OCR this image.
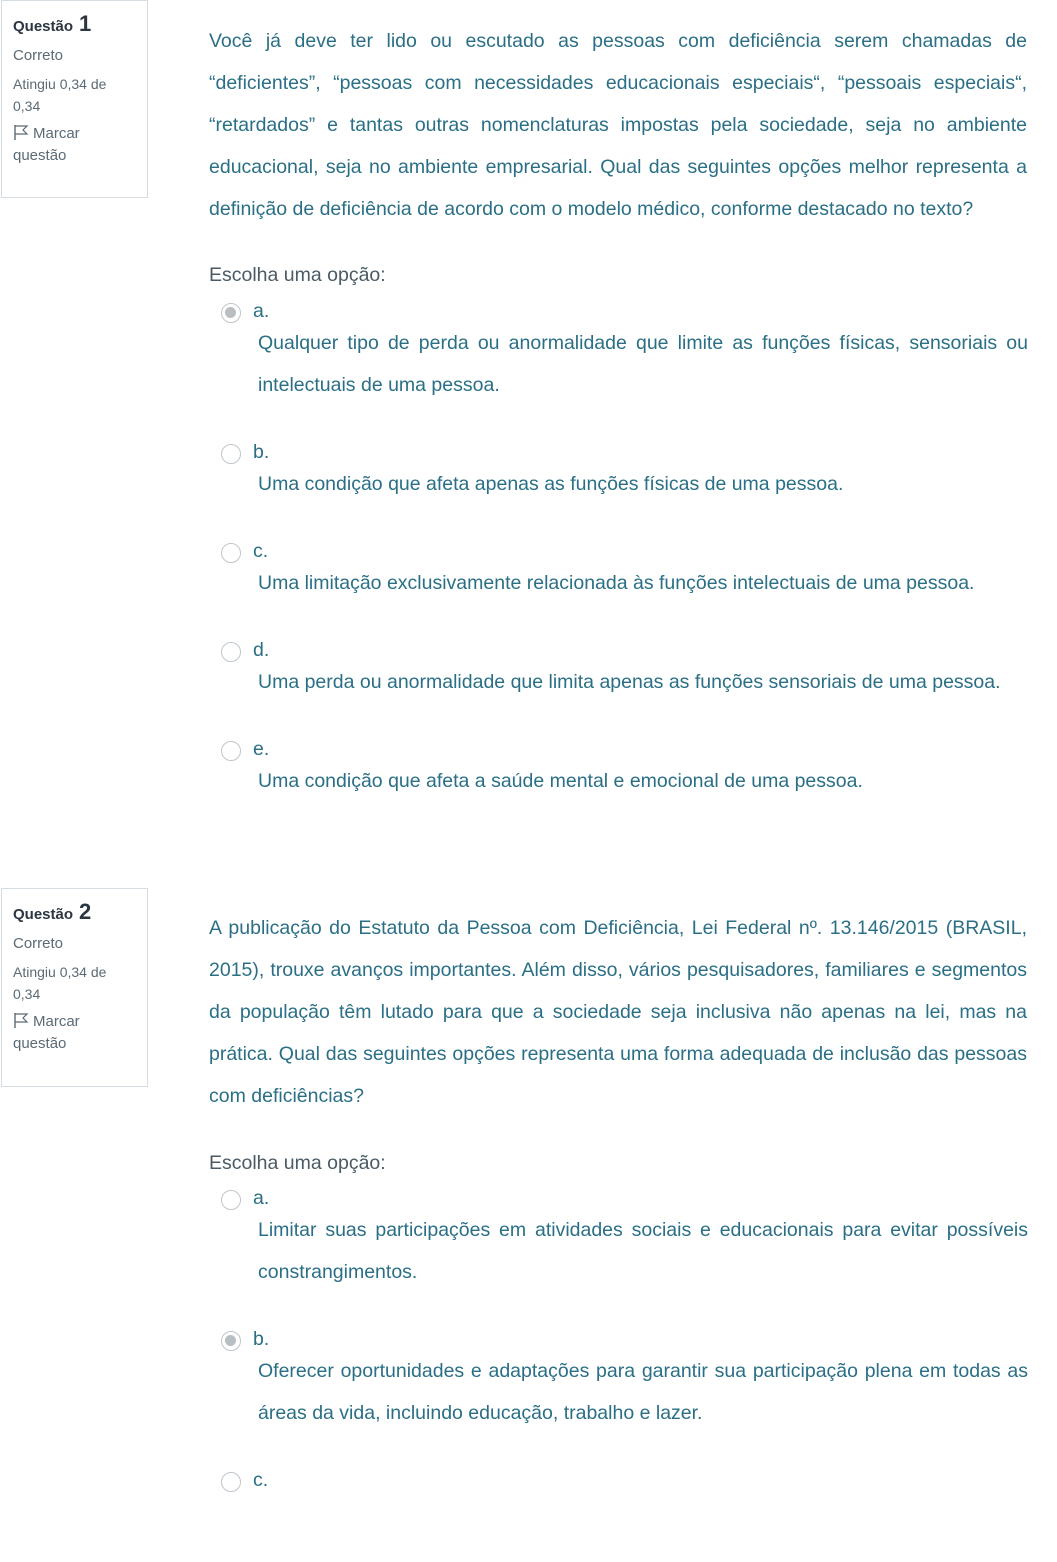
Questão 1
Correto
Atingiu 0,34 de 0,34
Marcar questão
Você já deve ter lido ou escutado as pessoas com deficiência serem chamadas de “deficientes”, “pessoas com necessidades educacionais especiais“, “pessoais especiais“, “retardados” e tantas outras nomenclaturas impostas pela sociedade, seja no ambiente educacional, seja no ambiente empresarial. Qual das seguintes opções melhor representa a definição de deficiência de acordo com o modelo médico, conforme destacado no texto?
Escolha uma opção:
a.
Qualquer tipo de perda ou anormalidade que limite as funções físicas, sensoriais ou intelectuais de uma pessoa.
b.
Uma condição que afeta apenas as funções físicas de uma pessoa.
c.
Uma limitação exclusivamente relacionada às funções intelectuais de uma pessoa.
d.
Uma perda ou anormalidade que limita apenas as funções sensoriais de uma pessoa.
e.
Uma condição que afeta a saúde mental e emocional de uma pessoa.
Questão 2
Correto
Atingiu 0,34 de 0,34
Marcar questão
A publicação do Estatuto da Pessoa com Deficiência, Lei Federal nº. 13.146/2015 (BRASIL, 2015), trouxe avanços importantes. Além disso, vários pesquisadores, familiares e segmentos da população têm lutado para que a sociedade seja inclusiva não apenas na lei, mas na prática. Qual das seguintes opções representa uma forma adequada de inclusão das pessoas com deficiências?
Escolha uma opção:
a.
Limitar suas participações em atividades sociais e educacionais para evitar possíveis constrangimentos.
b.
Oferecer oportunidades e adaptações para garantir sua participação plena em todas as áreas da vida, incluindo educação, trabalho e lazer.
c.
